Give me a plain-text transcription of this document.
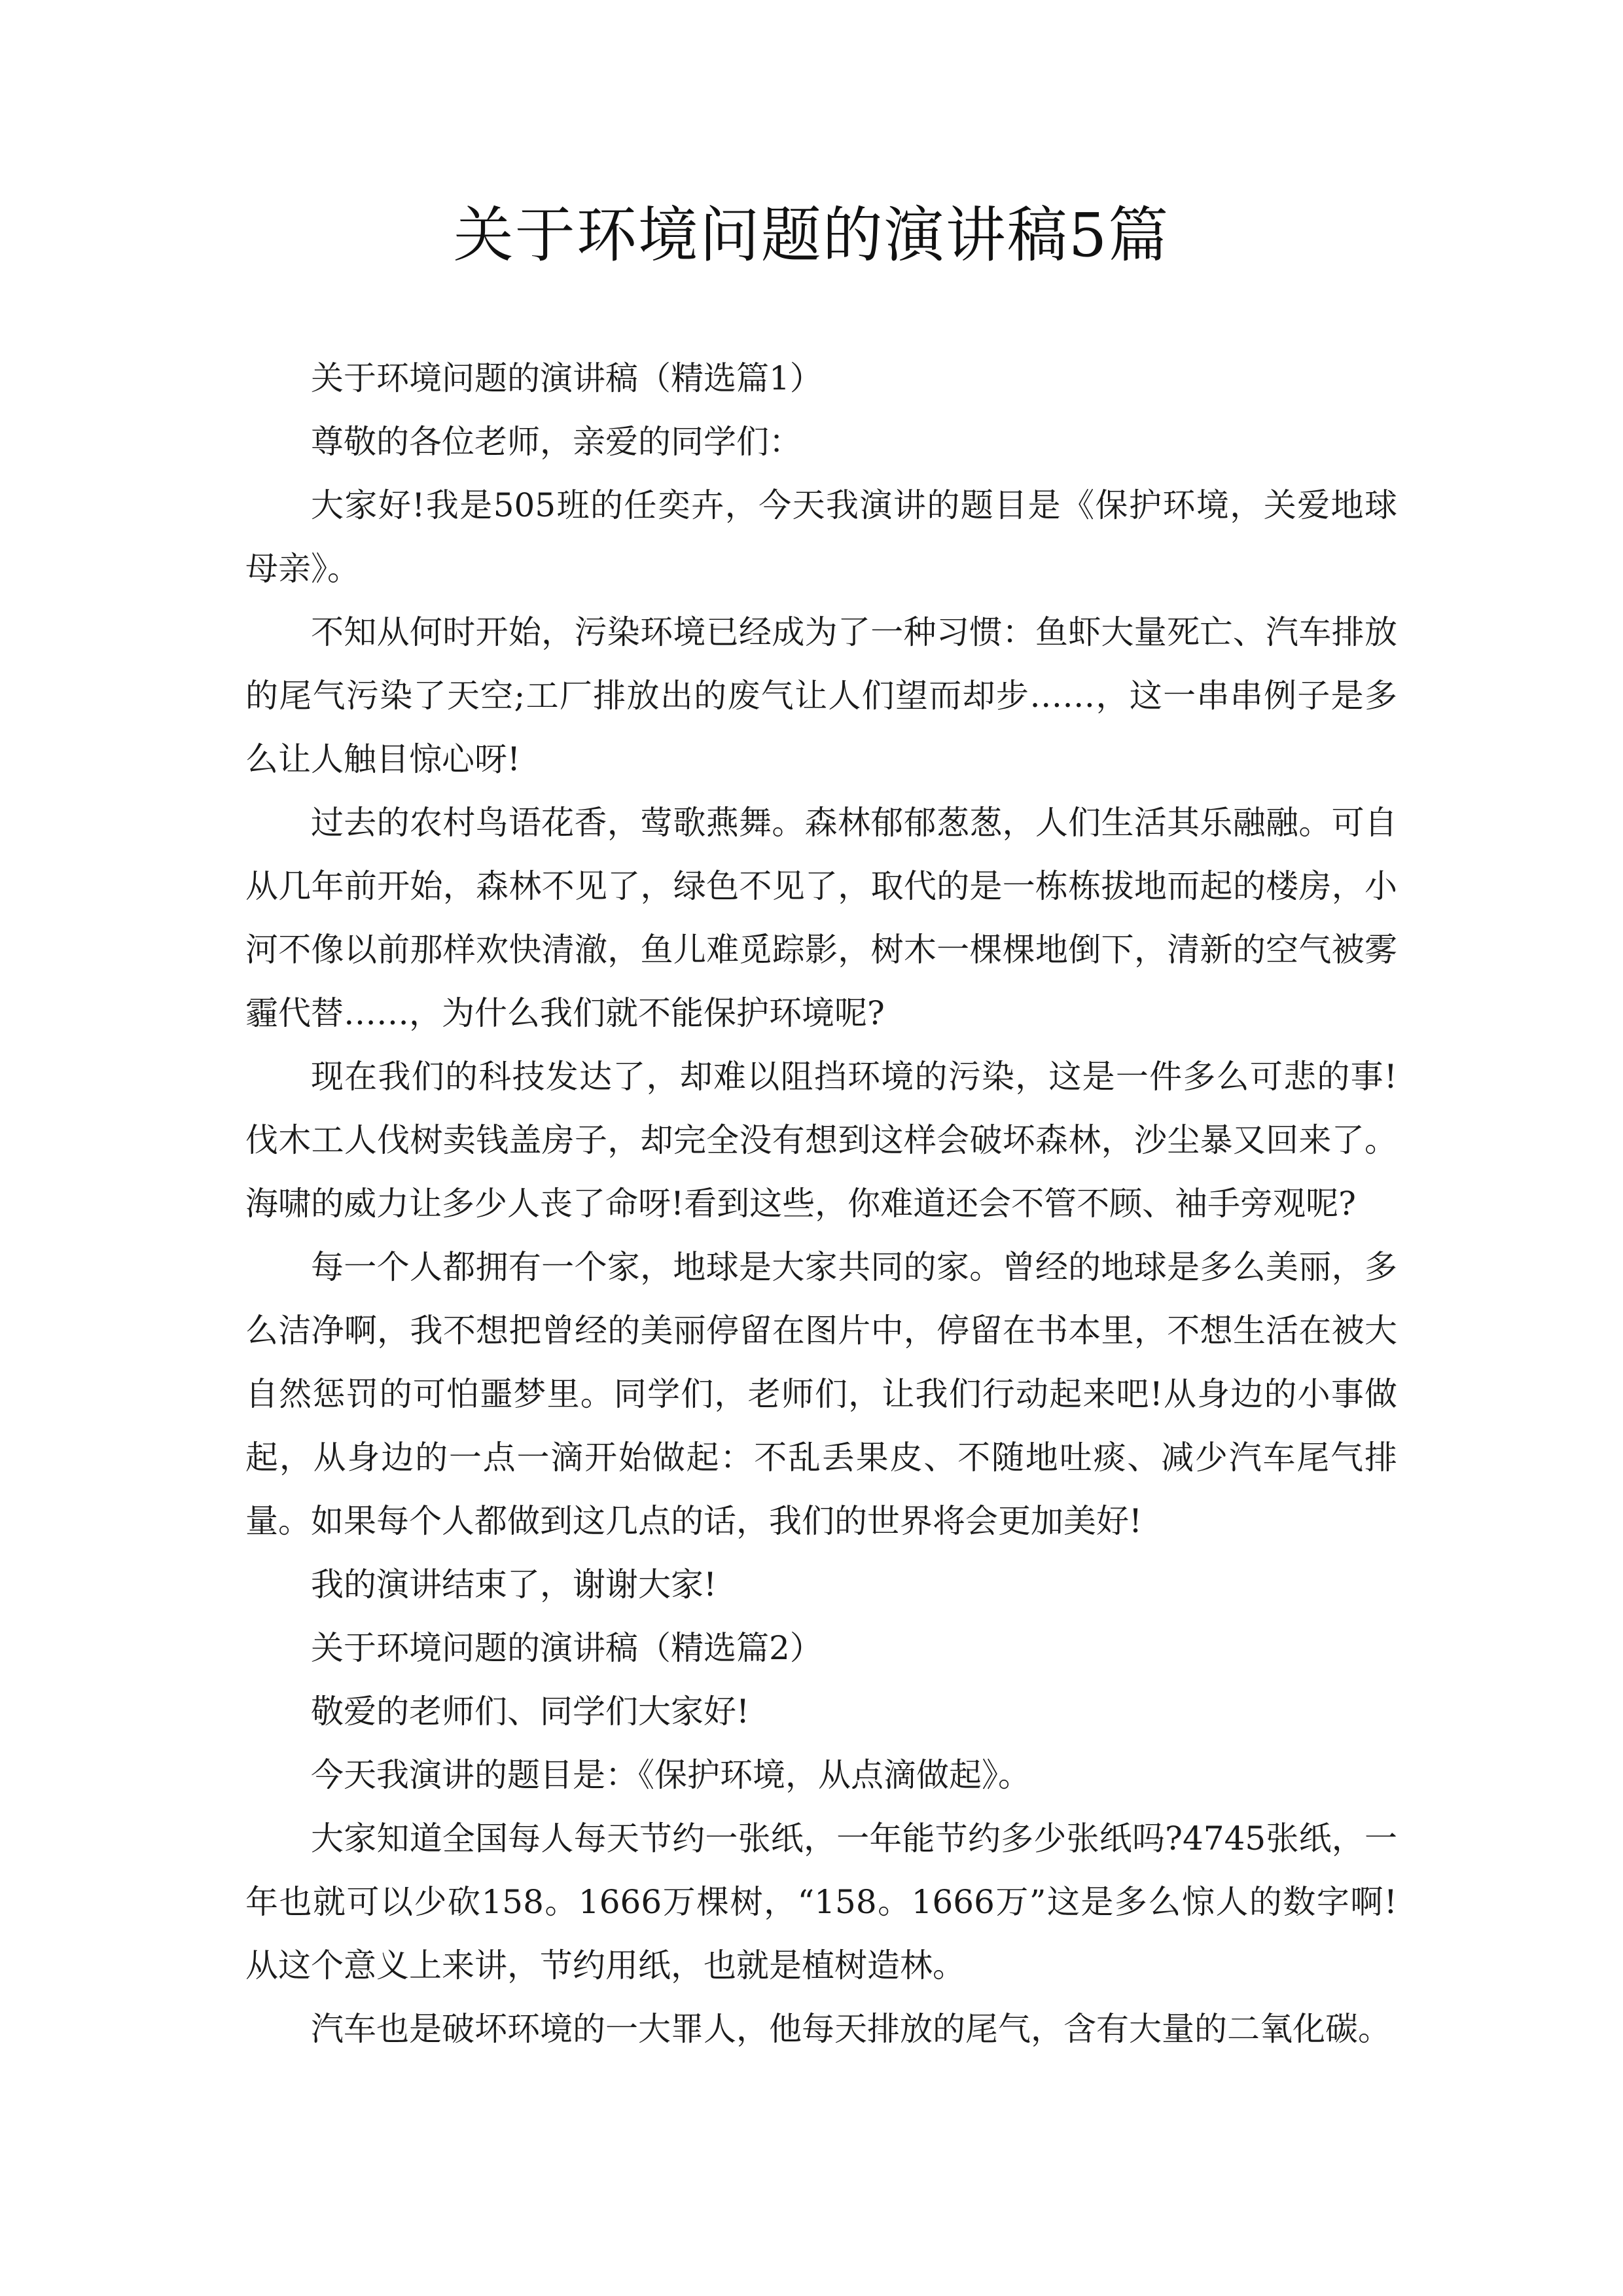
关于环境问题的演讲稿5篇

关于环境问题的演讲稿（精选篇1）

尊敬的各位老师，亲爱的同学们：

大家好!我是505班的任奕卉，今天我演讲的题目是《保护环境，关爱地球母亲》。

不知从何时开始，污染环境已经成为了一种习惯：鱼虾大量死亡、汽车排放的尾气污染了天空;工厂排放出的废气让人们望而却步……，这一串串例子是多么让人触目惊心呀!

过去的农村鸟语花香，莺歌燕舞。森林郁郁葱葱，人们生活其乐融融。可自从几年前开始，森林不见了，绿色不见了，取代的是一栋栋拔地而起的楼房，小河不像以前那样欢快清澈，鱼儿难觅踪影，树木一棵棵地倒下，清新的空气被雾霾代替……，为什么我们就不能保护环境呢?

现在我们的科技发达了，却难以阻挡环境的污染，这是一件多么可悲的事!伐木工人伐树卖钱盖房子，却完全没有想到这样会破坏森林，沙尘暴又回来了。海啸的威力让多少人丧了命呀!看到这些，你难道还会不管不顾、袖手旁观呢?

每一个人都拥有一个家，地球是大家共同的家。曾经的地球是多么美丽，多么洁净啊，我不想把曾经的美丽停留在图片中，停留在书本里，不想生活在被大自然惩罚的可怕噩梦里。同学们，老师们，让我们行动起来吧!从身边的小事做起，从身边的一点一滴开始做起：不乱丢果皮、不随地吐痰、减少汽车尾气排量。如果每个人都做到这几点的话，我们的世界将会更加美好!

我的演讲结束了，谢谢大家!

关于环境问题的演讲稿（精选篇2）

敬爱的老师们、同学们大家好!

今天我演讲的题目是：《保护环境，从点滴做起》。

大家知道全国每人每天节约一张纸，一年能节约多少张纸吗?4745张纸，一年也就可以少砍158。1666万棵树，“158。1666万”这是多么惊人的数字啊!从这个意义上来讲，节约用纸，也就是植树造林。

汽车也是破坏环境的一大罪人，他每天排放的尾气，含有大量的二氧化碳。
